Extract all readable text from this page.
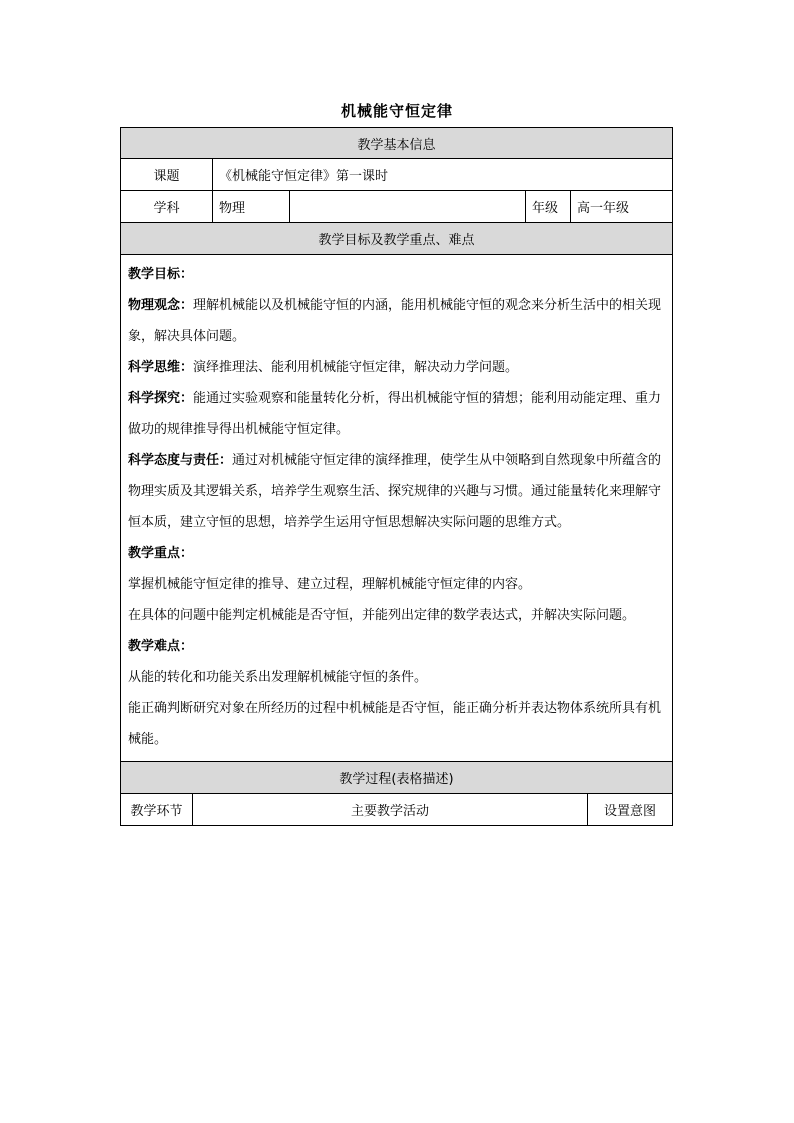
机械能守恒定律
教学基本信息
课题	《机械能守恒定律》第一课时
学科	物理	年级	高一年级
教学目标及教学重点、难点

教学目标：

物理观念：理解机械能以及机械能守恒的内涵，能用机械能守恒的观念来分析生活中的相关现象，解决具体问题。

科学思维：演绎推理法、能利用机械能守恒定律，解决动力学问题。

科学探究：能通过实验观察和能量转化分析，得出机械能守恒的猜想；能利用动能定理、重力做功的规律推导得出机械能守恒定律。

科学态度与责任：通过对机械能守恒定律的演绎推理，使学生从中领略到自然现象中所蕴含的物理实质及其逻辑关系，培养学生观察生活、探究规律的兴趣与习惯。通过能量转化来理解守恒本质，建立守恒的思想，培养学生运用守恒思想解决实际问题的思维方式。

教学重点：

掌握机械能守恒定律的推导、建立过程，理解机械能守恒定律的内容。

在具体的问题中能判定机械能是否守恒，并能列出定律的数学表达式，并解决实际问题。

教学难点：

从能的转化和功能关系出发理解机械能守恒的条件。

能正确判断研究对象在所经历的过程中机械能是否守恒，能正确分析并表达物体系统所具有机械能。

教学过程(表格描述)
教学环节	主要教学活动	设置意图
